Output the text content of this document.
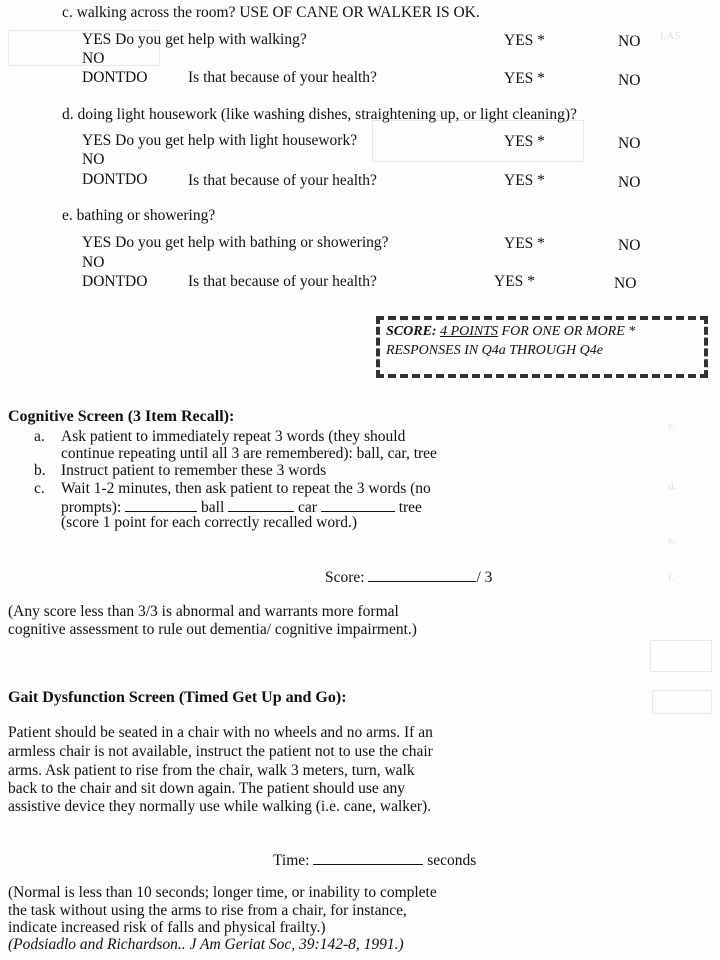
I.AS
c.
d.
e.
f.
c. walking across the room? USE OF CANE OR WALKER IS OK.
YES Do you get help with walking?	YES *	NO
NO
DONTDO	Is that because of your health?	YES *	NO
d. doing light housework (like washing dishes, straightening up, or light cleaning)?
YES Do you get help with light housework?	YES *	NO
NO
DONTDO	Is that because of your health?	YES *	NO
e. bathing or showering?
YES Do you get help with bathing or showering?	YES *	NO
NO
DONTDO	Is that because of your health?	YES *	NO
SCORE: 4 POINTS FOR ONE OR MORE *
RESPONSES IN Q4a THROUGH Q4e
Cognitive Screen (3 Item Recall):
a. Ask patient to immediately repeat 3 words (they should
continue repeating until all 3 are remembered): ball, car, tree
b. Instruct patient to remember these 3 words
c. Wait 1-2 minutes, then ask patient to repeat the 3 words (no
prompts):	ball	car	tree
(score 1 point for each correctly recalled word.)
Score:	/ 3
(Any score less than 3/3 is abnormal and warrants more formal
cognitive assessment to rule out dementia/ cognitive impairment.)
Gait Dysfunction Screen (Timed Get Up and Go):
Patient should be seated in a chair with no wheels and no arms. If an
armless chair is not available, instruct the patient not to use the chair
arms. Ask patient to rise from the chair, walk 3 meters, turn, walk
back to the chair and sit down again. The patient should use any
assistive device they normally use while walking (i.e. cane, walker).
Time:	seconds
(Normal is less than 10 seconds; longer time, or inability to complete
the task without using the arms to rise from a chair, for instance,
indicate increased risk of falls and physical frailty.)
(Podsiadlo and Richardson.. J Am Geriat Soc, 39:142-8, 1991.)
